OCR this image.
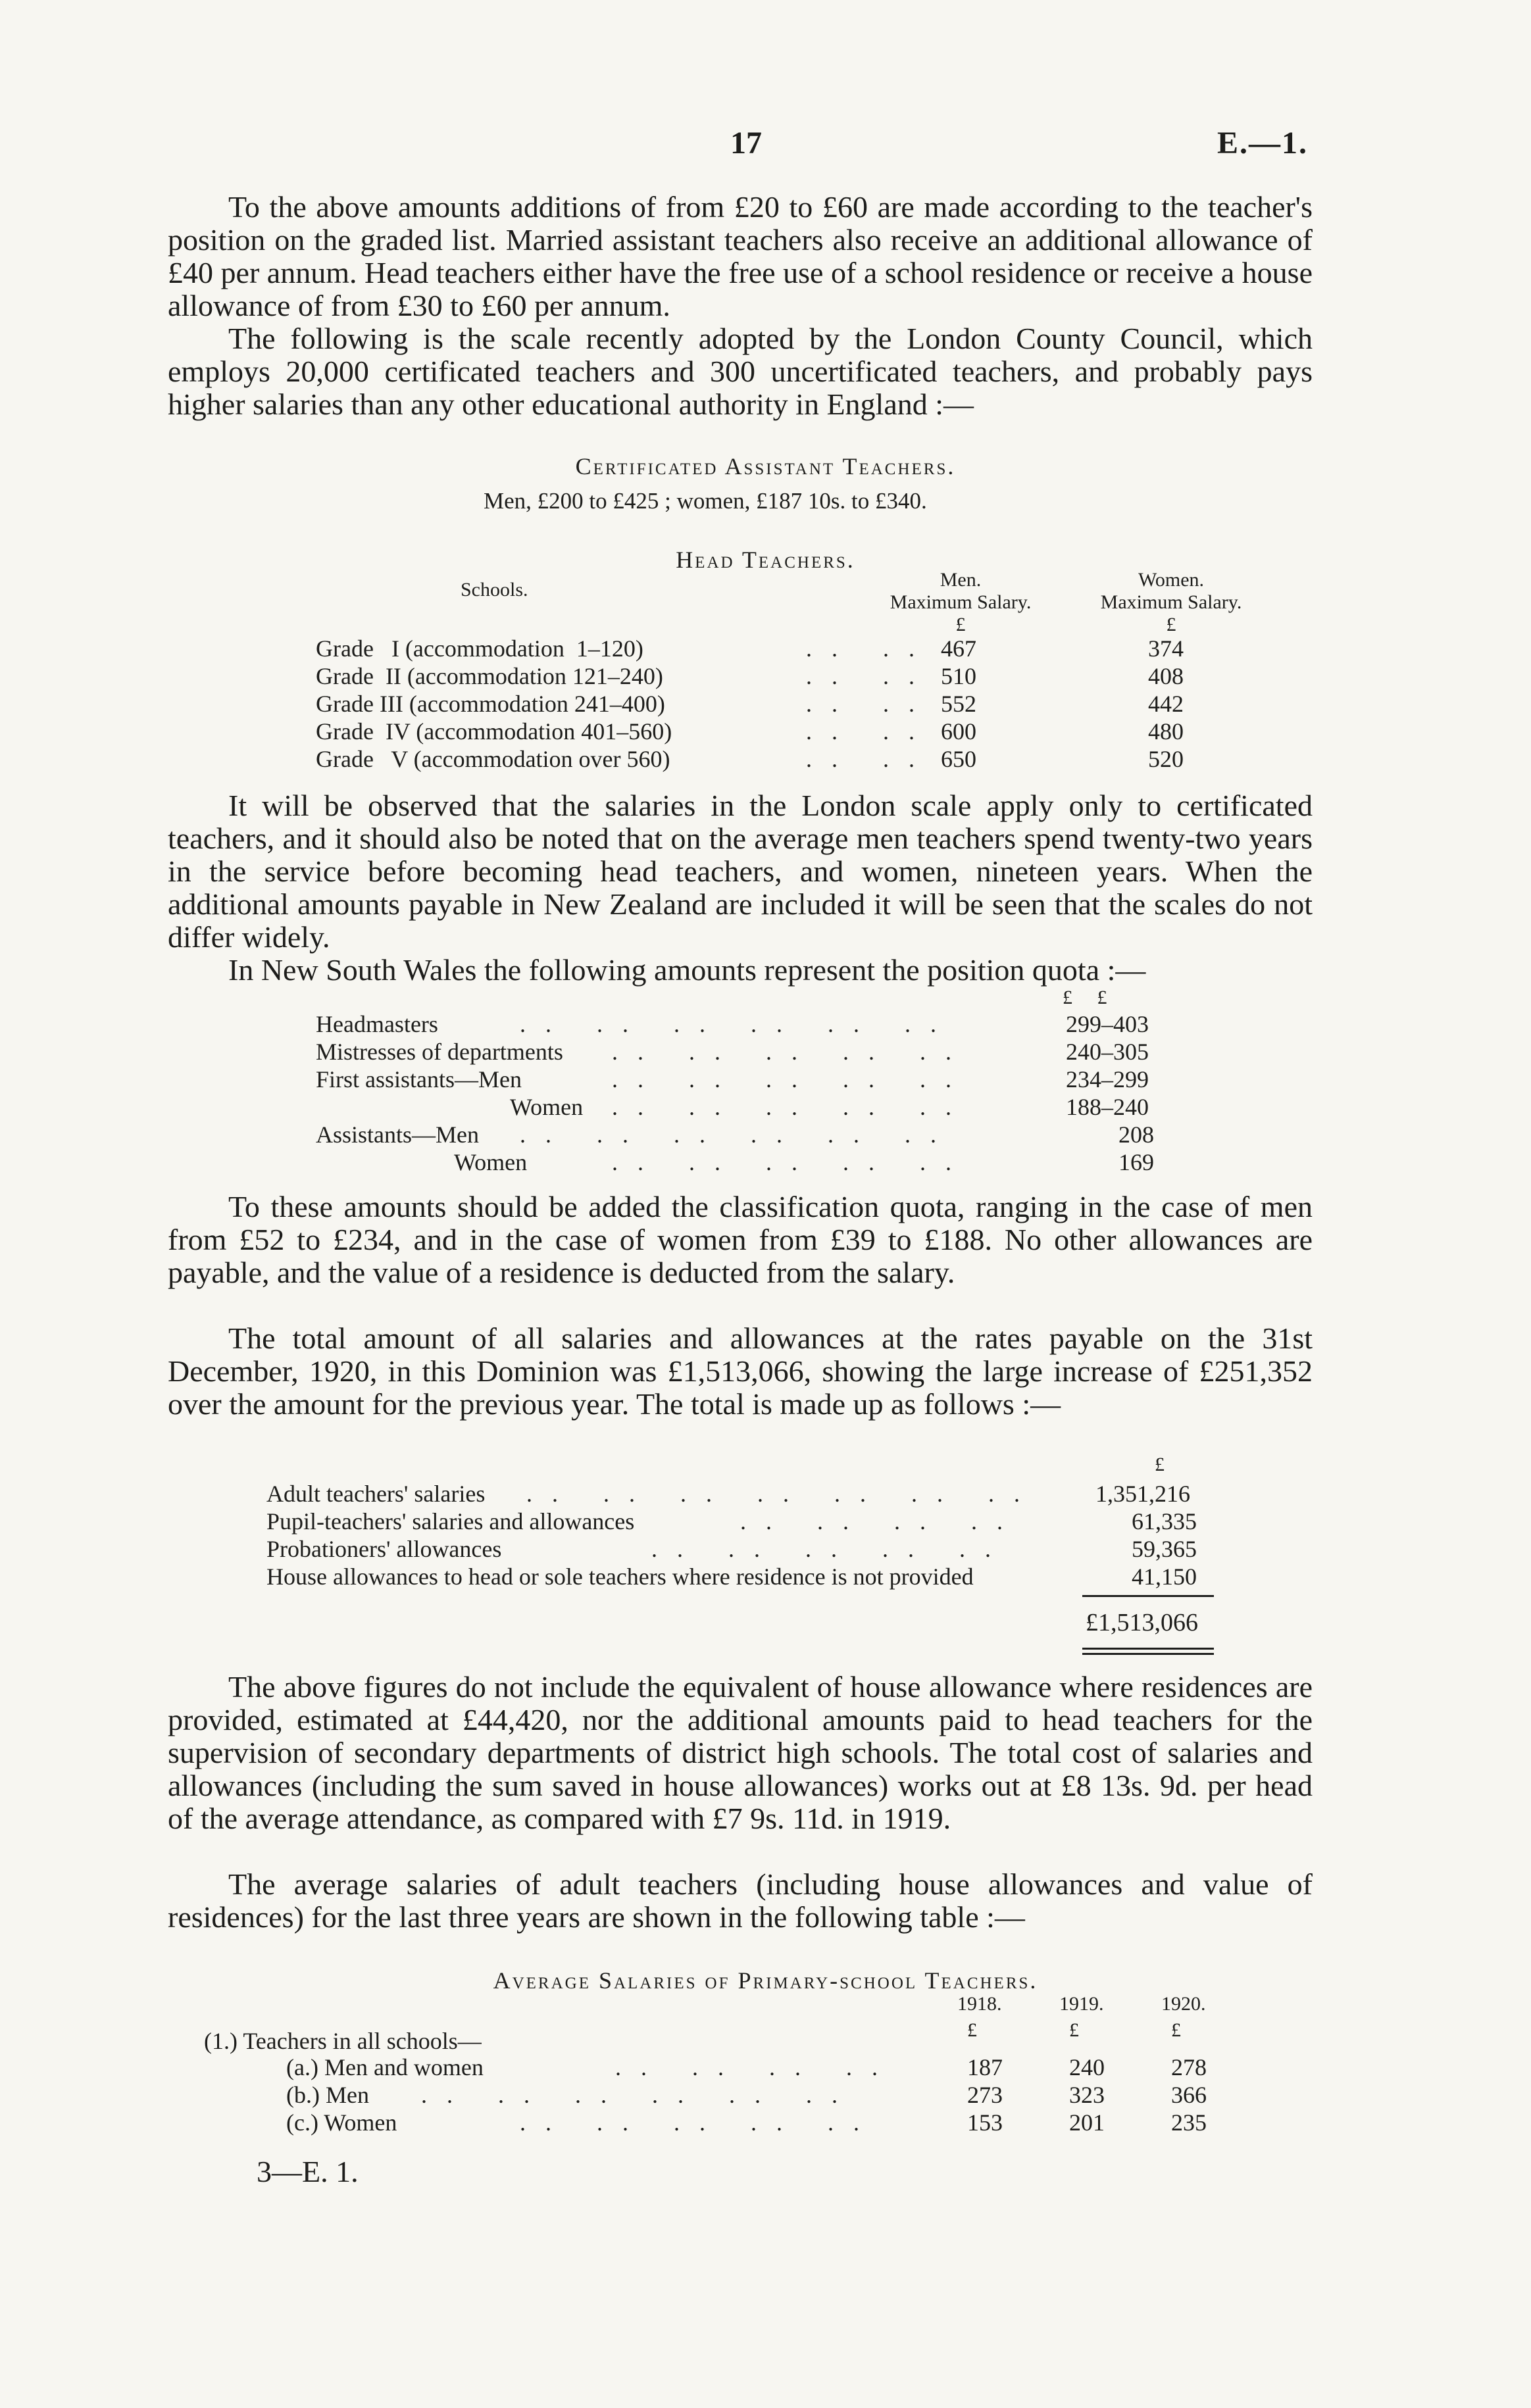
17	E.—1.
To the above amounts additions of from £20 to £60 are made according to the teacher's position on the graded list. Married assistant teachers also receive an additional allowance of £40 per annum. Head teachers either have the free use of a school residence or receive a house allowance of from £30 to £60 per annum.
The following is the scale recently adopted by the London County Council, which employs 20,000 certificated teachers and 300 uncertificated teachers, and probably pays higher salaries than any other educational authority in England :—
Certificated Assistant Teachers.
Men, £200 to £425 ; women, £187 10s. to £340.
Head Teachers.
Schools.	Men.
Maximum Salary.
£
Women.
Maximum Salary.
£
Grade   I (accommodation  1–120)	.. .. 467	374
Grade  II (accommodation 121–240)	.. .. 510	408
Grade III (accommodation 241–400)	.. .. 552	442
Grade  IV (accommodation 401–560)	.. .. 600	480
Grade   V (accommodation over 560)	.. .. 650	520
It will be observed that the salaries in the London scale apply only to certificated teachers, and it should also be noted that on the average men teachers spend twenty-two years in the service before becoming head teachers, and women, nineteen years. When the additional amounts payable in New Zealand are included it will be seen that the scales do not differ widely.
In New South Wales the following amounts represent the position quota :—
£     £
Headmasters	.. .. .. .. .. ..	299–403
Mistresses of departments .. .. .. .. ..	240–305
First assistants—Men	.. .. .. .. ..	234–299
Women .. .. .. .. ..	188–240
Assistants—Men .. .. .. .. .. ..	208
Women	.. .. .. .. ..	169
To these amounts should be added the classification quota, ranging in the case of men from £52 to £234, and in the case of women from £39 to £188. No other allowances are payable, and the value of a residence is deducted from the salary.
The total amount of all salaries and allowances at the rates payable on the 31st December, 1920, in this Dominion was £1,513,066, showing the large increase of £251,352 over the amount for the previous year. The total is made up as follows :—
£
Adult teachers' salaries .. .. .. .. .. .. .. 1,351,216
Pupil-teachers' salaries and allowances	.. .. .. ..	61,335
Probationers' allowances	.. .. .. .. ..	59,365
House allowances to head or sole teachers where residence is not provided	41,150
£1,513,066
The above figures do not include the equivalent of house allowance where residences are provided, estimated at £44,420, nor the additional amounts paid to head teachers for the supervision of secondary departments of district high schools. The total cost of salaries and allowances (including the sum saved in house allowances) works out at £8 13s. 9d. per head of the average attendance, as compared with £7 9s. 11d. in 1919.
The average salaries of adult teachers (including house allowances and value of residences) for the last three years are shown in the following table :—
Average Salaries of Primary-school Teachers.
1918.	1919.	1920.
£	£	£
(1.) Teachers in all schools—
(a.) Men and women	.. .. .. ..	187	240	278
(b.) Men .. .. .. .. .. ..	273	323	366
(c.) Women	.. .. .. .. ..	153	201	235
3—E. 1.
